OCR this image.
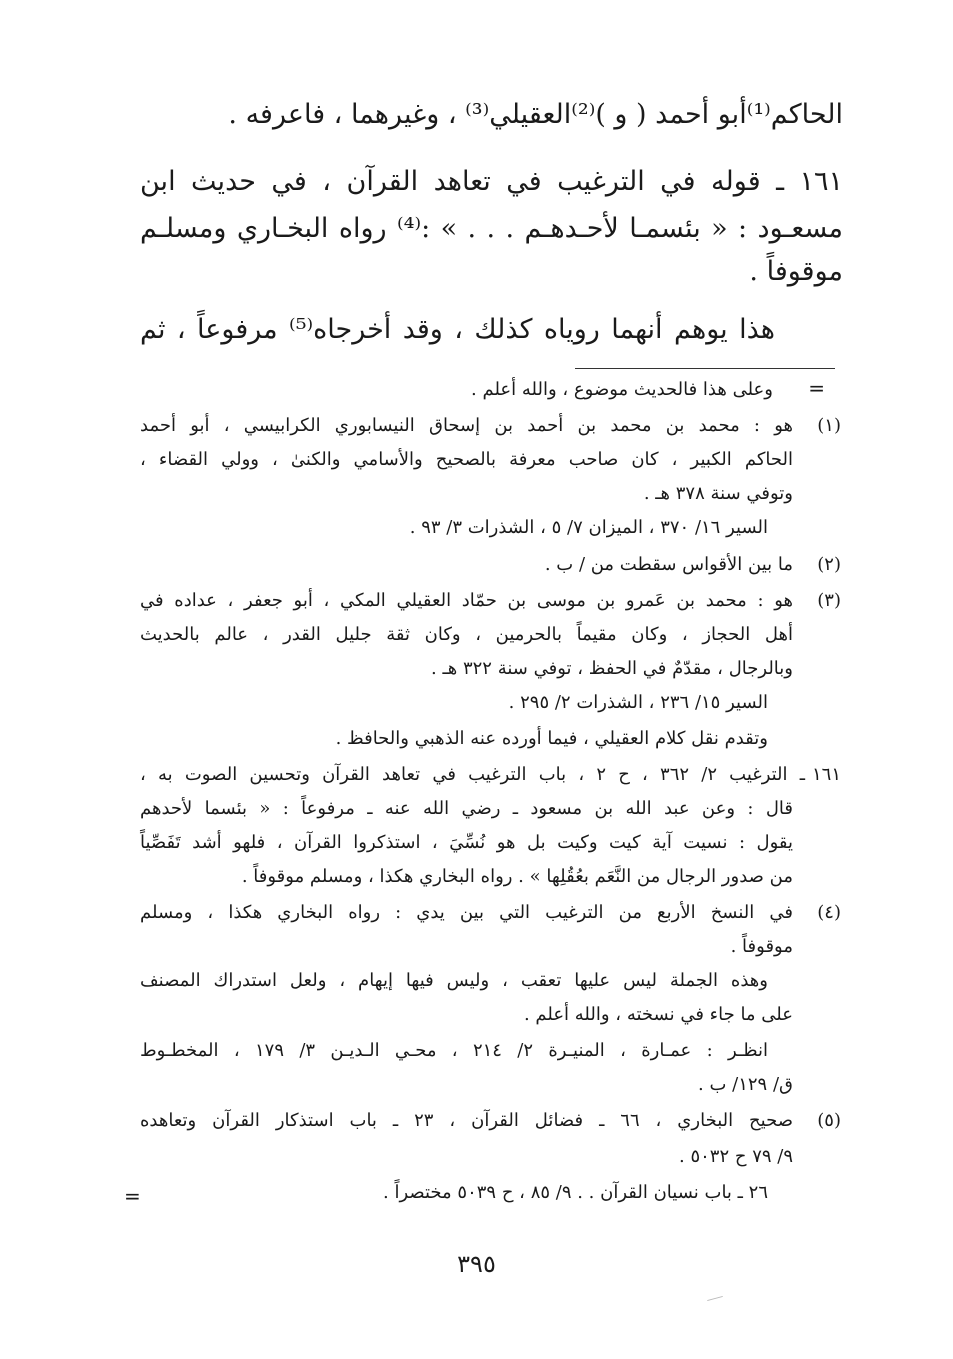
الحاكم⁽¹⁾أبو أحمد ( و )⁽²⁾العقيلي⁽³⁾ ، وغيرهما ، فاعرفه .
١٦١ ـ قوله في الترغيب في تعاهد القرآن ، في حديث ابن
مسعـود : « بئسمـا لأحـدهـم . . . » :⁽⁴⁾ رواه البخـاري ومسلـم
موقوفاً .
هذا يوهم أنهما روياه كذلك ، وقد أخرجاه⁽⁵⁾ مرفوعاً ، ثم
=
وعلى هذا فالحديث موضوع ، والله أعلم .
(١)
هو : محمد بن محمد بن أحمد بن إسحاق النيسابوري الكرابيسي ، أبو أحمد
الحاكم الكبير ، كان صاحب معرفة بالصحيح والأسامي والكنىٰ ، وولي القضاء ،
وتوفي سنة ٣٧٨ هـ .
السير ١٦/ ٣٧٠ ، الميزان ٧/ ٥ ، الشذرات ٣/ ٩٣ .
(٢)
ما بين الأقواس سقطت من / ب .
(٣)
هو : محمد بن عَمرو بن موسى بن حمّاد العقيلي المكي ، أبو جعفر ، عداده في
أهل الحجاز ، وكان مقيماً بالحرمين ، وكان ثقة جليل القدر ، عالم بالحديث
وبالرجال ، مقدّمٌ في الحفظ ، توفي سنة ٣٢٢ هـ .
السير ١٥/ ٢٣٦ ، الشذرات ٢/ ٢٩٥ .
وتقدم نقل كلام العقيلي ، فيما أورده عنه الذهبي والحافظ .
١٦١
ـ الترغيب ٢/ ٣٦٢ ، ح ٢ ، باب الترغيب في تعاهد القرآن وتحسين الصوت به ،
قال : وعن عبد الله بن مسعود ـ رضي الله عنه ـ مرفوعاً : « بئسما لأحدهم
يقول : نسيت آية كيت وكيت بل هو نُسِّيَ ، استذكروا القرآن ، فلهو أشد تَفَصِّياً
من صدور الرجال من النَّعَم بعُقُلِها » . رواه البخاري هكذا ، ومسلم موقوفاً .
(٤)
في النسخ الأربع من الترغيب التي بين يدي : رواه البخاري هكذا ، ومسلم
موقوفاً .
وهذه الجملة ليس عليها تعقب ، وليس فيها إيهام ، ولعل استدراك المصنف
على ما جاء في نسخته ، والله أعلم .
انظـر : عمـارة ، المنيـرة ٢/ ٢١٤ ، محـي الـديـن ٣/ ١٧٩ ، المخطـوط
ق/ ١٢٩/ ب .
(٥)
صحيح البخاري ، ٦٦ ـ فضائل القرآن ، ٢٣ ـ باب استذكار القرآن وتعاهده
٩/ ٧٩ ح ٥٠٣٢ .
٢٦ ـ باب نسيان القرآن . . ٩/ ٨٥ ، ح ٥٠٣٩ مختصراً .
=
٣٩٥
